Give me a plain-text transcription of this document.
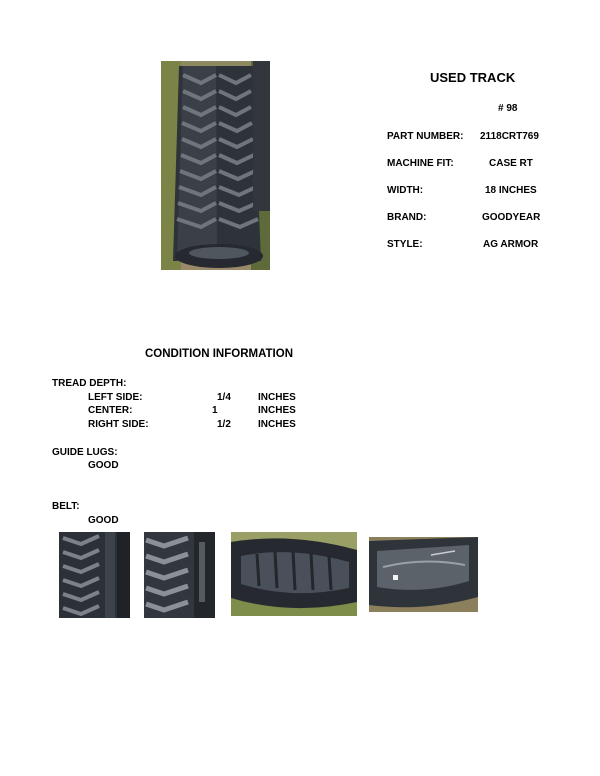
USED TRACK
# 98
PART NUMBER: 2118CRT769
MACHINE FIT:	CASE RT
WIDTH:	18 INCHES
BRAND:	GOODYEAR
STYLE:	AG ARMOR
CONDITION INFORMATION
TREAD DEPTH:
LEFT SIDE:	1/4	INCHES
CENTER:	1	INCHES
RIGHT SIDE:	1/2	INCHES
GUIDE LUGS:
GOOD
BELT:
GOOD
